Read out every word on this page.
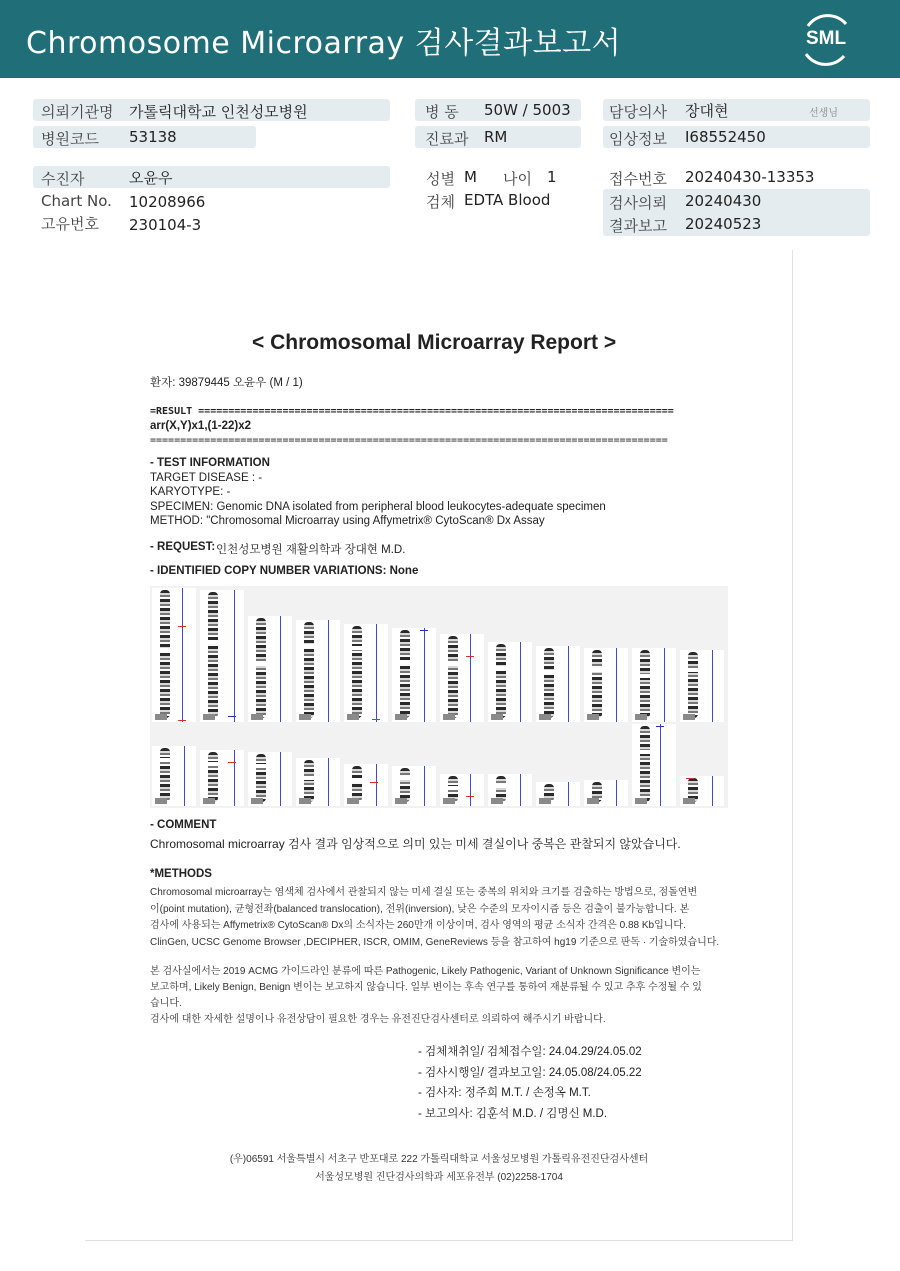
Chromosome Microarray 검사결과보고서	SML
의뢰기관명 가톨릭대학교 인천성모병원
병원코드 53138
병 동 50W / 5003
진료과 RM
담당의사 장대현	선생님
임상정보 I68552450
수진자	오윤우
Chart No. 10208966
고유번호 230104-3
성별 M 나이 1
검체 EDTA Blood
접수번호 20240430-13353
검사의뢰 20240430
결과보고 20240523
< Chromosomal Microarray Report >
환자: 39879445 오윤우 (M / 1)
=RESULT ===============================================================================
arr(X,Y)x1,(1-22)x2
======================================================================================
- TEST INFORMATION
TARGET DISEASE : -
KARYOTYPE: -
SPECIMEN: Genomic DNA isolated from peripheral blood leukocytes-adequate specimen
METHOD: "Chromosomal Microarray using Affymetrix® CytoScan® Dx Assay
- REQUEST: 인천성모병원 재활의학과 장대현 M.D.
- IDENTIFIED COPY NUMBER VARIATIONS: None
- COMMENT
Chromosomal microarray 검사 결과 임상적으로 의미 있는 미세 결실이나 중복은 관찰되지 않았습니다.
*METHODS
Chromosomal microarray는 염색체 검사에서 관찰되지 않는 미세 결실 또는 중복의 위치와 크기를 검출하는 방법으로, 점돌연변
이(point mutation), 균형전좌(balanced translocation), 전위(inversion), 낮은 수준의 모자이시즘 등은 검출이 불가능합니다. 본
검사에 사용되는 Affymetrix® CytoScan® Dx의 소식자는 260만개 이상이며, 검사 영역의 평균 소식자 간격은 0.88 Kb입니다.
ClinGen, UCSC Genome Browser ,DECIPHER, ISCR, OMIM, GeneReviews 등을 참고하여 hg19 기준으로 판독 · 기술하였습니다.
본 검사실에서는 2019 ACMG 가이드라인 분류에 따른 Pathogenic, Likely Pathogenic, Variant of Unknown Significance 변이는
보고하며, Likely Benign, Benign 변이는 보고하지 않습니다. 일부 변이는 후속 연구를 통하여 재분류될 수 있고 추후 수정될 수 있
습니다.
검사에 대한 자세한 설명이나 유전상담이 필요한 경우는 유전진단검사센터로 의뢰하여 해주시기 바랍니다.
- 검체채취일/ 검체접수일: 24.04.29/24.05.02
- 검사시행일/ 결과보고일: 24.05.08/24.05.22
- 검사자: 정주희 M.T. / 손정옥 M.T.
- 보고의사: 김훈석 M.D. / 김명신 M.D.
(우)06591 서울특별시 서초구 반포대로 222 가톨릭대학교 서울성모병원 가톨릭유전진단검사센터
서울성모병원 진단검사의학과 세포유전부 (02)2258-1704
